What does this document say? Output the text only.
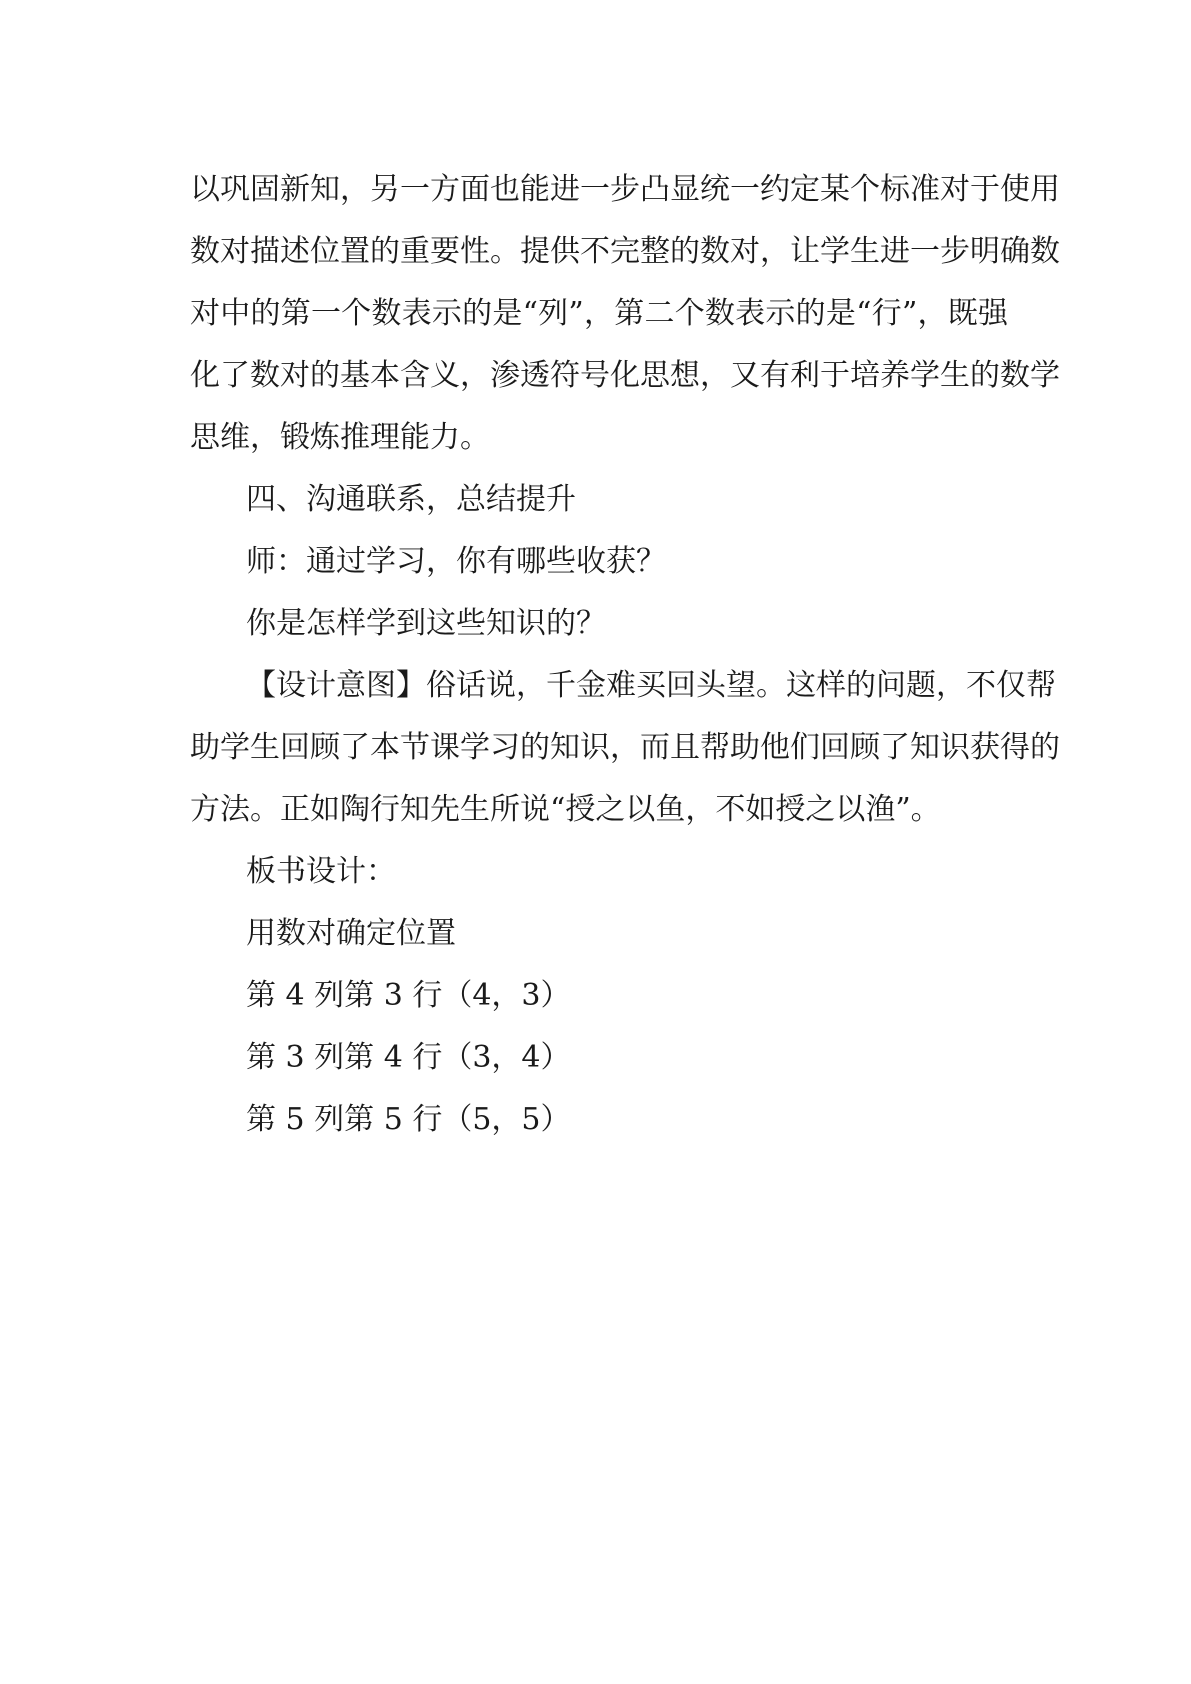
以巩固新知，另一方面也能进一步凸显统一约定某个标准对于使用

数对描述位置的重要性。提供不完整的数对，让学生进一步明确数

对中的第一个数表示的是“列”，第二个数表示的是“行”，既强

化了数对的基本含义，渗透符号化思想，又有利于培养学生的数学

思维，锻炼推理能力。

四、沟通联系，总结提升

师：通过学习，你有哪些收获？

你是怎样学到这些知识的？

【设计意图】俗话说，千金难买回头望。这样的问题，不仅帮

助学生回顾了本节课学习的知识，而且帮助他们回顾了知识获得的

方法。正如陶行知先生所说“授之以鱼，不如授之以渔”。

板书设计：

用数对确定位置

第 4 列第 3 行（4，3）

第 3 列第 4 行（3，4）

第 5 列第 5 行（5，5）
